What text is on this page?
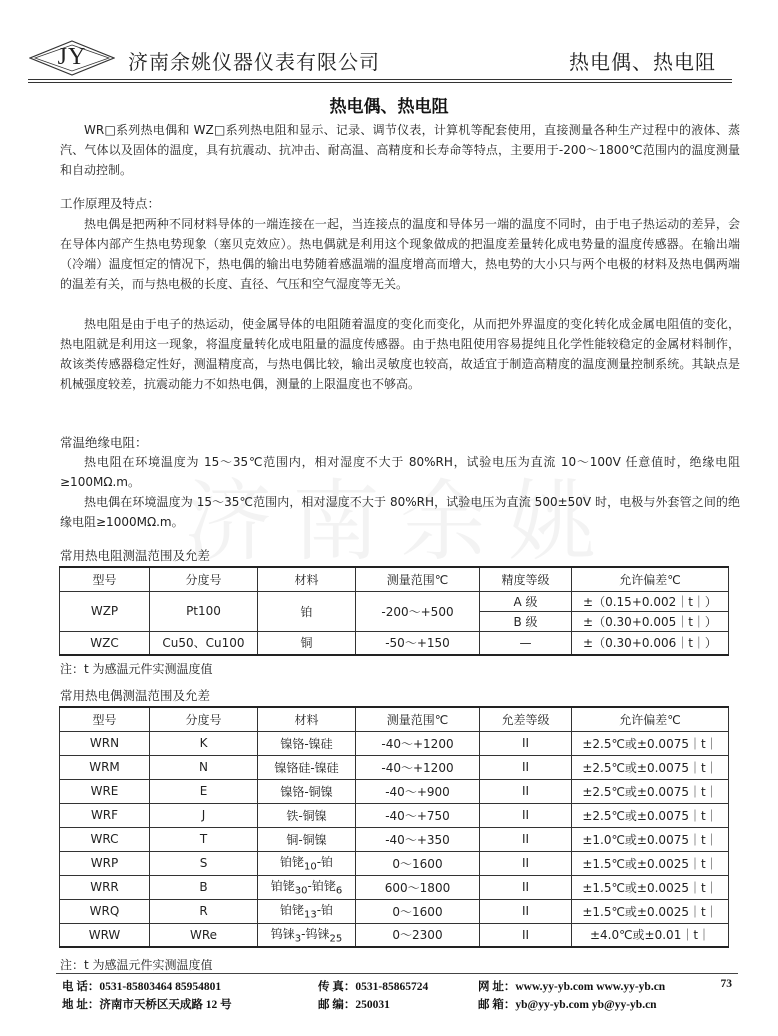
JY	济南余姚仪器仪表有限公司	热电偶、热电阻
热电偶、热电阻

WR□系列热电偶和 WZ□系列热电阻和显示、记录、调节仪表，计算机等配套使用，直接测量各种生产过程中的液体、蒸汽、气体以及固体的温度，具有抗震动、抗冲击、耐高温、高精度和长寿命等特点，主要用于-200～1800℃范围内的温度测量和自动控制。

工作原理及特点：

热电偶是把两种不同材料导体的一端连接在一起，当连接点的温度和导体另一端的温度不同时，由于电子热运动的差异，会在导体内部产生热电势现象（塞贝克效应）。热电偶就是利用这个现象做成的把温度差量转化成电势量的温度传感器。在输出端（冷端）温度恒定的情况下，热电偶的输出电势随着感温端的温度增高而增大，热电势的大小只与两个电极的材料及热电偶两端的温差有关，而与热电极的长度、直径、气压和空气湿度等无关。

热电阻是由于电子的热运动，使金属导体的电阻随着温度的变化而变化，从而把外界温度的变化转化成金属电阻值的变化，热电阻就是利用这一现象，将温度量转化成电阻量的温度传感器。由于热电阻使用容易提纯且化学性能较稳定的金属材料制作，故该类传感器稳定性好，测温精度高，与热电偶比较，输出灵敏度也较高，故适宜于制造高精度的温度测量控制系统。其缺点是机械强度较差，抗震动能力不如热电偶，测量的上限温度也不够高。

常温绝缘电阻：

热电阻在环境温度为 15～35℃范围内，相对湿度不大于 80%RH，试验电压为直流 10～100V 任意值时，绝缘电阻≥100MΩ.m。

热电偶在环境温度为 15～35℃范围内，相对湿度不大于 80%RH，试验电压为直流 500±50V 时，电极与外套管之间的绝缘电阻≥1000MΩ.m。

常用热电阻测温范围及允差
型号	分度号	材料	测量范围℃	精度等级	允许偏差℃
WZP	Pt100	铂	-200～+500	A 级	±（0.15+0.002｜t｜）
				B 级	±（0.30+0.005｜t｜）
WZC	Cu50、Cu100	铜	-50～+150	—	±（0.30+0.006｜t｜）
注：t 为感温元件实测温度值
常用热电偶测温范围及允差
型号	分度号	材料	测量范围℃	允差等级	允许偏差℃
WRN	K	镍铬-镍硅	-40～+1200	II	±2.5℃或±0.0075｜t｜
WRM	N	镍铬硅-镍硅	-40～+1200	II	±2.5℃或±0.0075｜t｜
WRE	E	镍铬-铜镍	-40～+900	II	±2.5℃或±0.0075｜t｜
WRF	J	铁-铜镍	-40～+750	II	±2.5℃或±0.0075｜t｜
WRC	T	铜-铜镍	-40～+350	II	±1.0℃或±0.0075｜t｜
WRP	S	铂铑$_{10}$-铂	0～1600	II	±1.5℃或±0.0025｜t｜
WRR	B	铂铑$_{30}$-铂铑$_6$	600～1800	II	±1.5℃或±0.0025｜t｜
WRQ	R	铂铑$_{13}$-铂	0～1600	II	±1.5℃或±0.0025｜t｜
WRW	WRe	钨铼$_3$-钨铼$_{25}$	0～2300	II	±4.0℃或±0.01｜t｜
注：t 为感温元件实测温度值
电 话：0531-85803464 85954801	传 真：0531-85865724	网 址：www.yy-yb.com www.yy-yb.cn	73
地 址：济南市天桥区天成路 12 号	邮 编：250031	邮 箱：yb@yy-yb.com yb@yy-yb.cn
